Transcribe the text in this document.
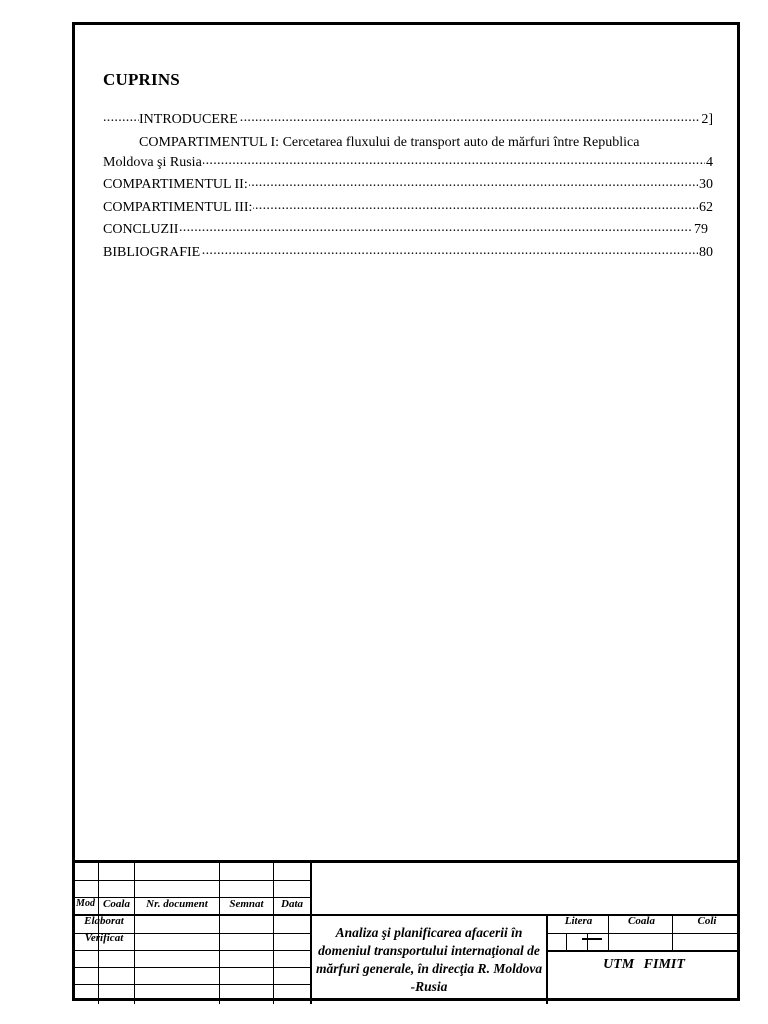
CUPRINS
INTRODUCERE	2]
COMPARTIMENTUL I: Cercetarea fluxului de transport auto de mărfuri între Republica
Moldova şi Rusia	4
COMPARTIMENTUL II:	30
COMPARTIMENTUL III:	62
CONCLUZII	79
BIBLIOGRAFIE	80
Mod Coala	Nr. document	Semnat	Data
Elaborat
Verificat	Analiza şi planificarea afacerii în domeniul transportului internaţional de mărfuri generale, în direcţia R. Moldova -Rusia
Litera	Coala	Coli
UTM FIMIT
